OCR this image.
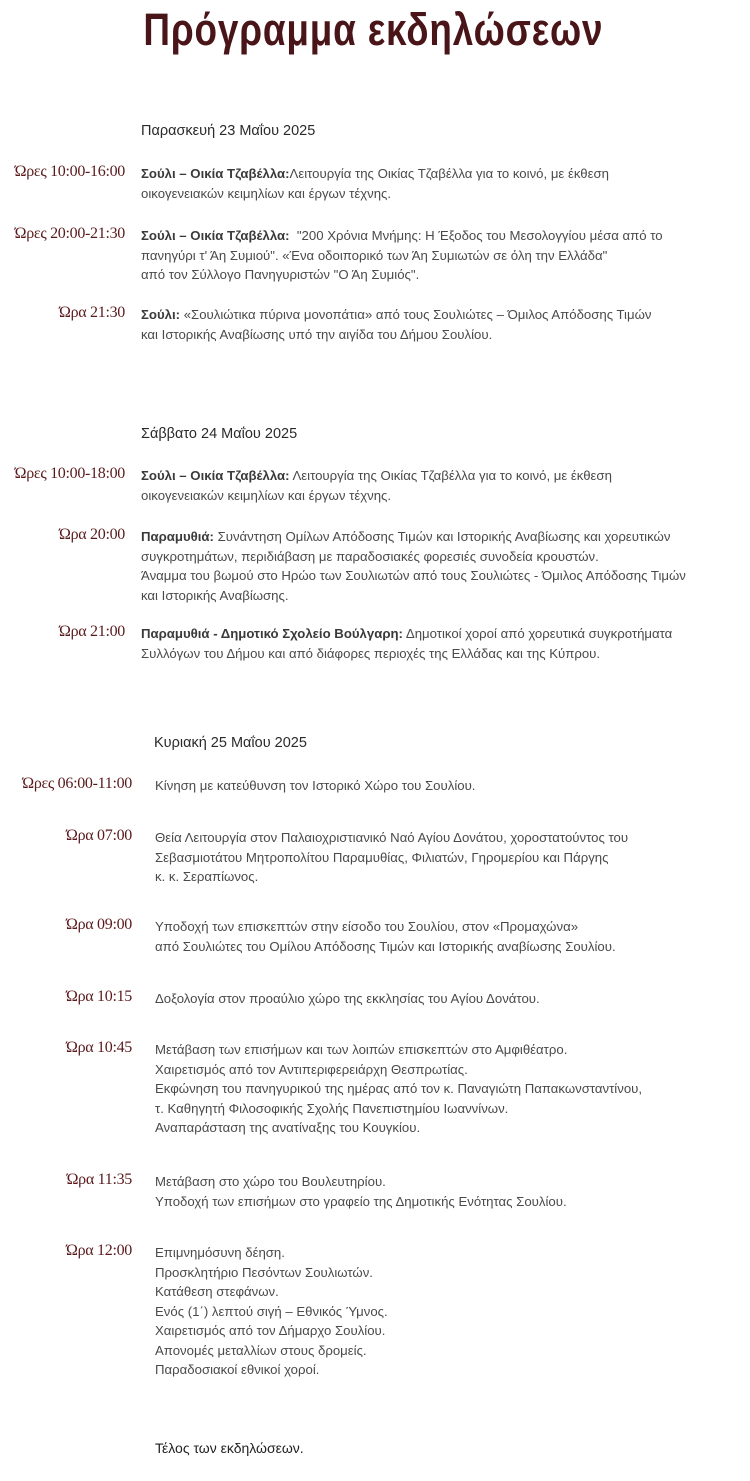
Πρόγραμμα εκδηλώσεων
Παρασκευή 23 Μαΐου 2025
Ώρες 10:00-16:00 Σούλι – Οικία Τζαβέλλα:Λειτουργία της Οικίας Τζαβέλλα για το κοινό, με έκθεση
οικογενειακών κειμηλίων και έργων τέχνης.
Ώρες 20:00-21:30 Σούλι – Οικία Τζαβέλλα:  "200 Χρόνια Μνήμης: Η Έξοδος του Μεσολογγίου μέσα από το
πανηγύρι τ' Άη Συμιού". «Ένα οδοιπορικό των Άη Συμιωτών σε όλη την Ελλάδα"
από τον Σύλλογο Πανηγυριστών "Ο Άη Συμιός".
Ώρα 21:30 Σούλι: «Σουλιώτικα πύρινα μονοπάτια» από τους Σουλιώτες – Όμιλος Απόδοσης Τιμών
και Ιστορικής Αναβίωσης υπό την αιγίδα του Δήμου Σουλίου.
Σάββατο 24 Μαΐου 2025
Ώρες 10:00-18:00 Σούλι – Οικία Τζαβέλλα: Λειτουργία της Οικίας Τζαβέλλα για το κοινό, με έκθεση
οικογενειακών κειμηλίων και έργων τέχνης.
Ώρα 20:00 Παραμυθιά: Συνάντηση Ομίλων Απόδοσης Τιμών και Ιστορικής Αναβίωσης και χορευτικών
συγκροτημάτων, περιδιάβαση με παραδοσιακές φορεσιές συνοδεία κρουστών.
Άναμμα του βωμού στο Ηρώο των Σουλιωτών από τους Σουλιώτες - Όμιλος Απόδοσης Τιμών
και Ιστορικής Αναβίωσης.
Ώρα 21:00 Παραμυθιά - Δημοτικό Σχολείο Βούλγαρη: Δημοτικοί χοροί από χορευτικά συγκροτήματα
Συλλόγων του Δήμου και από διάφορες περιοχές της Ελλάδας και της Κύπρου.
Κυριακή 25 Μαΐου 2025
Ώρες 06:00-11:00 Κίνηση με κατεύθυνση τον Ιστορικό Χώρο του Σουλίου.
Ώρα 07:00 Θεία Λειτουργία στον Παλαιοχριστιανικό Ναό Αγίου Δονάτου, χοροστατούντος του
Σεβασμιοτάτου Μητροπολίτου Παραμυθίας, Φιλιατών, Γηρομερίου και Πάργης
κ. κ. Σεραπίωνος.
Ώρα 09:00 Υποδοχή των επισκεπτών στην είσοδο του Σουλίου, στον «Προμαχώνα»
από Σουλιώτες του Ομίλου Απόδοσης Τιμών και Ιστορικής αναβίωσης Σουλίου.
Ώρα 10:15 Δοξολογία στον προαύλιο χώρο της εκκλησίας του Αγίου Δονάτου.
Ώρα 10:45 Μετάβαση των επισήμων και των λοιπών επισκεπτών στο Αμφιθέατρο.
Χαιρετισμός από τον Αντιπεριφερειάρχη Θεσπρωτίας.
Εκφώνηση του πανηγυρικού της ημέρας από τον κ. Παναγιώτη Παπακωνσταντίνου,
τ. Καθηγητή Φιλοσοφικής Σχολής Πανεπιστημίου Ιωαννίνων.
Αναπαράσταση της ανατίναξης του Κουγκίου.
Ώρα 11:35 Μετάβαση στο χώρο του Βουλευτηρίου.
Υποδοχή των επισήμων στο γραφείο της Δημοτικής Ενότητας Σουλίου.
Ώρα 12:00 Επιμνημόσυνη δέηση.
Προσκλητήριο Πεσόντων Σουλιωτών.
Κατάθεση στεφάνων.
Ενός (1΄) λεπτού σιγή – Εθνικός Ύμνος.
Χαιρετισμός από τον Δήμαρχο Σουλίου.
Απονομές μεταλλίων στους δρομείς.
Παραδοσιακοί εθνικοί χοροί.
Τέλος των εκδηλώσεων.
